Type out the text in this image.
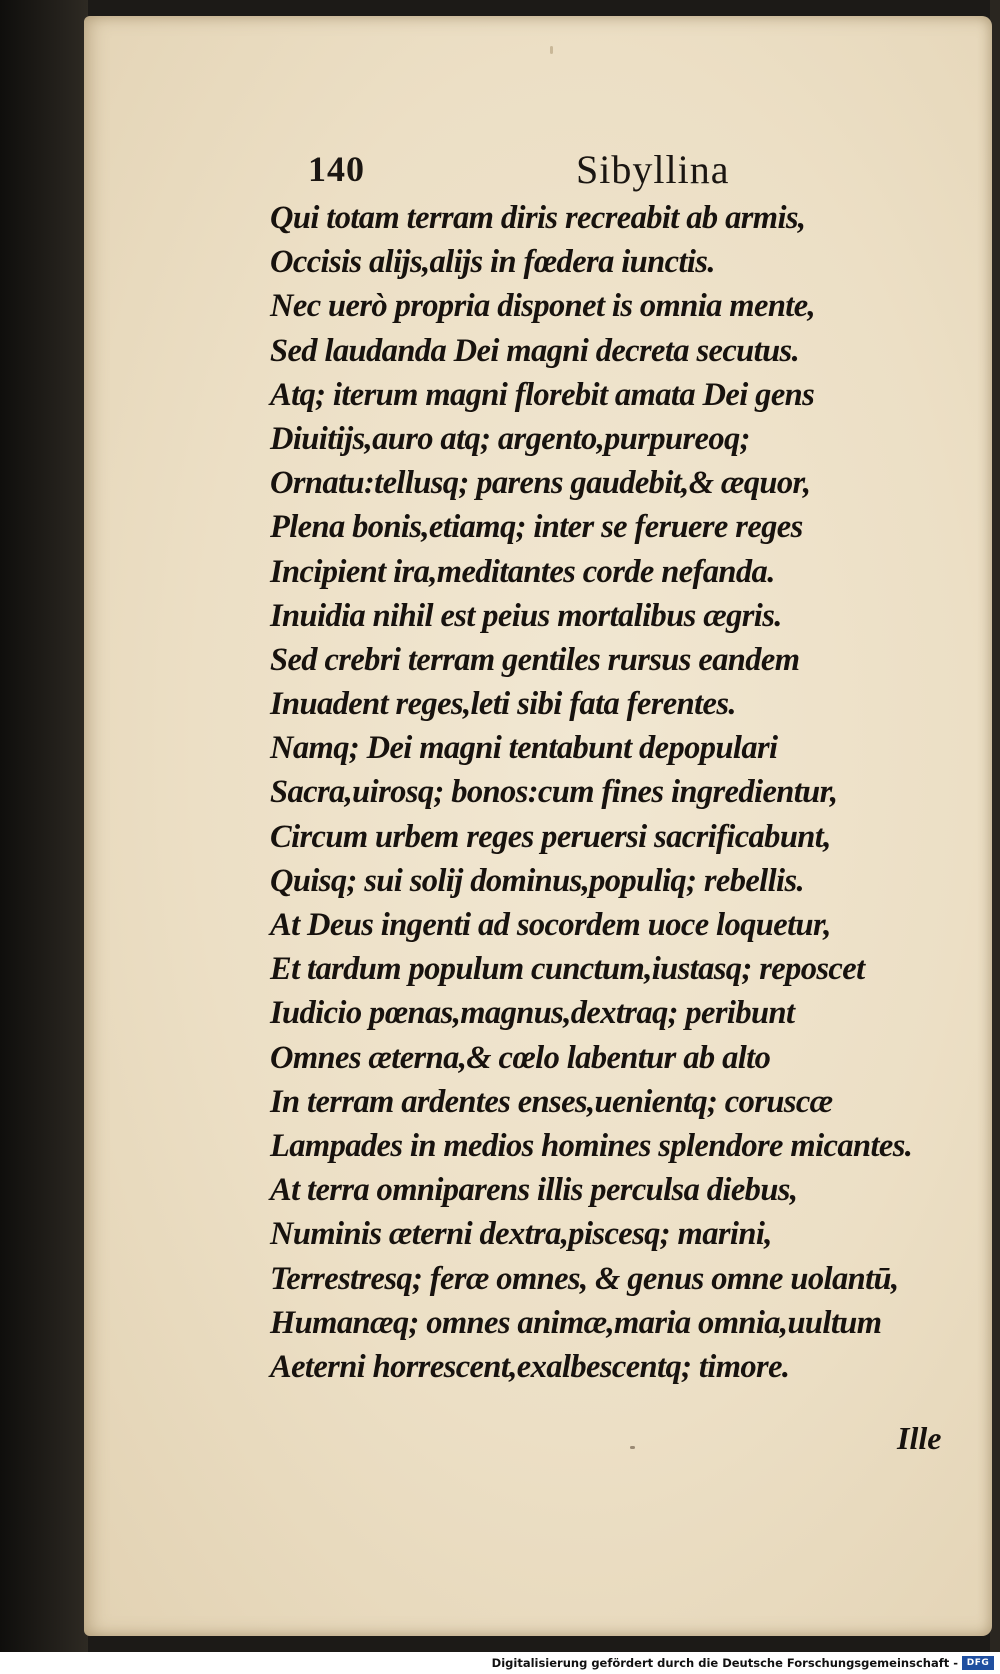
140	Sibyllina
Qui totam terram diris recreabit ab armis,
Occisis alijs,alijs in fœdera iunctis.
Nec uerò propria disponet is omnia mente,
Sed laudanda Dei magni decreta secutus.
Atq; iterum magni florebit amata Dei gens
Diuitijs,auro atq; argento,purpureoq;
Ornatu:tellusq; parens gaudebit,& æquor,
Plena bonis,etiamq; inter se feruere reges
Incipient ira,meditantes corde nefanda.
Inuidia nihil est peius mortalibus ægris.
Sed crebri terram gentiles rursus eandem
Inuadent reges,leti sibi fata ferentes.
Namq; Dei magni tentabunt depopulari
Sacra,uirosq; bonos:cum fines ingredientur,
Circum urbem reges peruersi sacrificabunt,
Quisq; sui solij dominus,populiq; rebellis.
At Deus ingenti ad socordem uoce loquetur,
Et tardum populum cunctum,iustasq; reposcet
Iudicio pœnas,magnus,dextraq; peribunt
Omnes æterna,& cœlo labentur ab alto
In terram ardentes enses,uenientq; coruscæ
Lampades in medios homines splendore micantes.
At terra omniparens illis perculsa diebus,
Numinis æterni dextra,piscesq; marini,
Terrestresq; feræ omnes, & genus omne uolantū,
Humanæq; omnes animæ,maria omnia,uultum
Aeterni horrescent,exalbescentq; timore.
Ille
Digitalisierung gefördert durch die Deutsche Forschungsgemeinschaft - DFG
